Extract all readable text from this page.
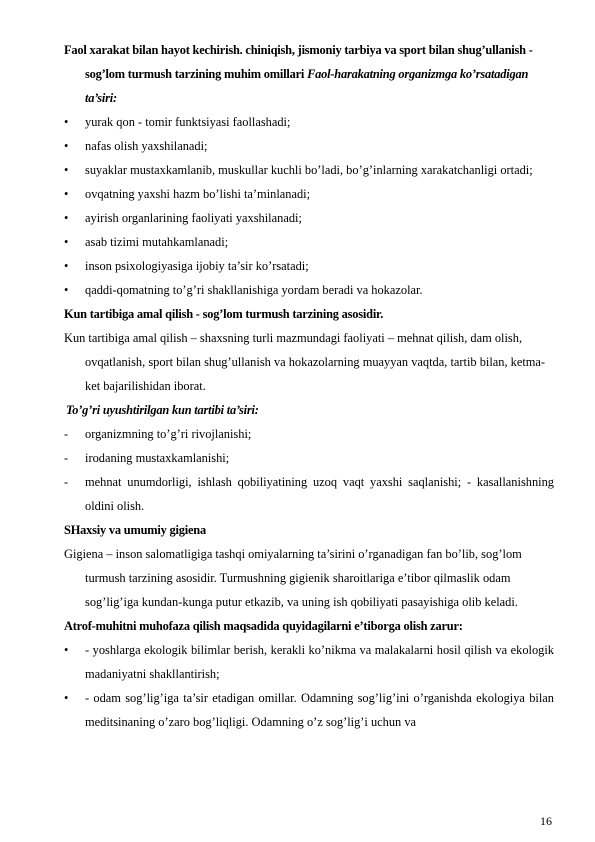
Faol xarakat bilan hayot kechirish. chiniqish, jismoniy tarbiya va sport bilan shug’ullanish - sog’lom turmush tarzining muhim omillari Faol-harakatning organizmga ko’rsatadigan ta’siri:
• yurak qon - tomir funktsiyasi faollashadi;
• nafas olish yaxshilanadi;
• suyaklar mustaxkamlanib, muskullar kuchli bo’ladi, bo’g’inlarning xarakatchanligi ortadi;
• ovqatning yaxshi hazm bo’lishi ta’minlanadi;
• ayirish organlarining faoliyati yaxshilanadi;
• asab tizimi mutahkamlanadi;
• inson psixologiyasiga ijobiy ta’sir ko’rsatadi;
• qaddi-qomatning to’g’ri shakllanishiga yordam beradi va hokazolar.
Kun tartibiga amal qilish - sog’lom turmush tarzining asosidir.
Kun tartibiga amal qilish – shaxsning turli mazmundagi faoliyati – mehnat qilish, dam olish, ovqatlanish, sport bilan shug’ullanish va hokazolarning muayyan vaqtda, tartib bilan, ketma-ket bajarilishidan iborat.
To’g’ri uyushtirilgan kun tartibi ta’siri:
- organizmning to’g’ri rivojlanishi;
- irodaning mustaxkamlanishi;
- mehnat unumdorligi, ishlash qobiliyatining uzoq vaqt yaxshi saqlanishi; - kasallanishning oldini olish.
SHaxsiy va umumiy gigiena
Gigiena – inson salomatligiga tashqi omiyalarning ta’sirini o’rganadigan fan bo’lib, sog’lom turmush tarzining asosidir. Turmushning gigienik sharoitlariga e’tibor qilmaslik odam sog’lig’iga kundan-kunga putur etkazib, va uning ish qobiliyati pasayishiga olib keladi.
Atrof-muhitni muhofaza qilish maqsadida quyidagilarni e’tiborga olish zarur:
• - yoshlarga ekologik bilimlar berish, kerakli ko’nikma va malakalarni hosil qilish va ekologik madaniyatni shakllantirish;
• - odam sog’lig’iga ta’sir etadigan omillar. Odamning sog’lig’ini o’rganishda ekologiya bilan meditsinaning o’zaro bog’liqligi. Odamning o’z sog’lig’i uchun va
16
